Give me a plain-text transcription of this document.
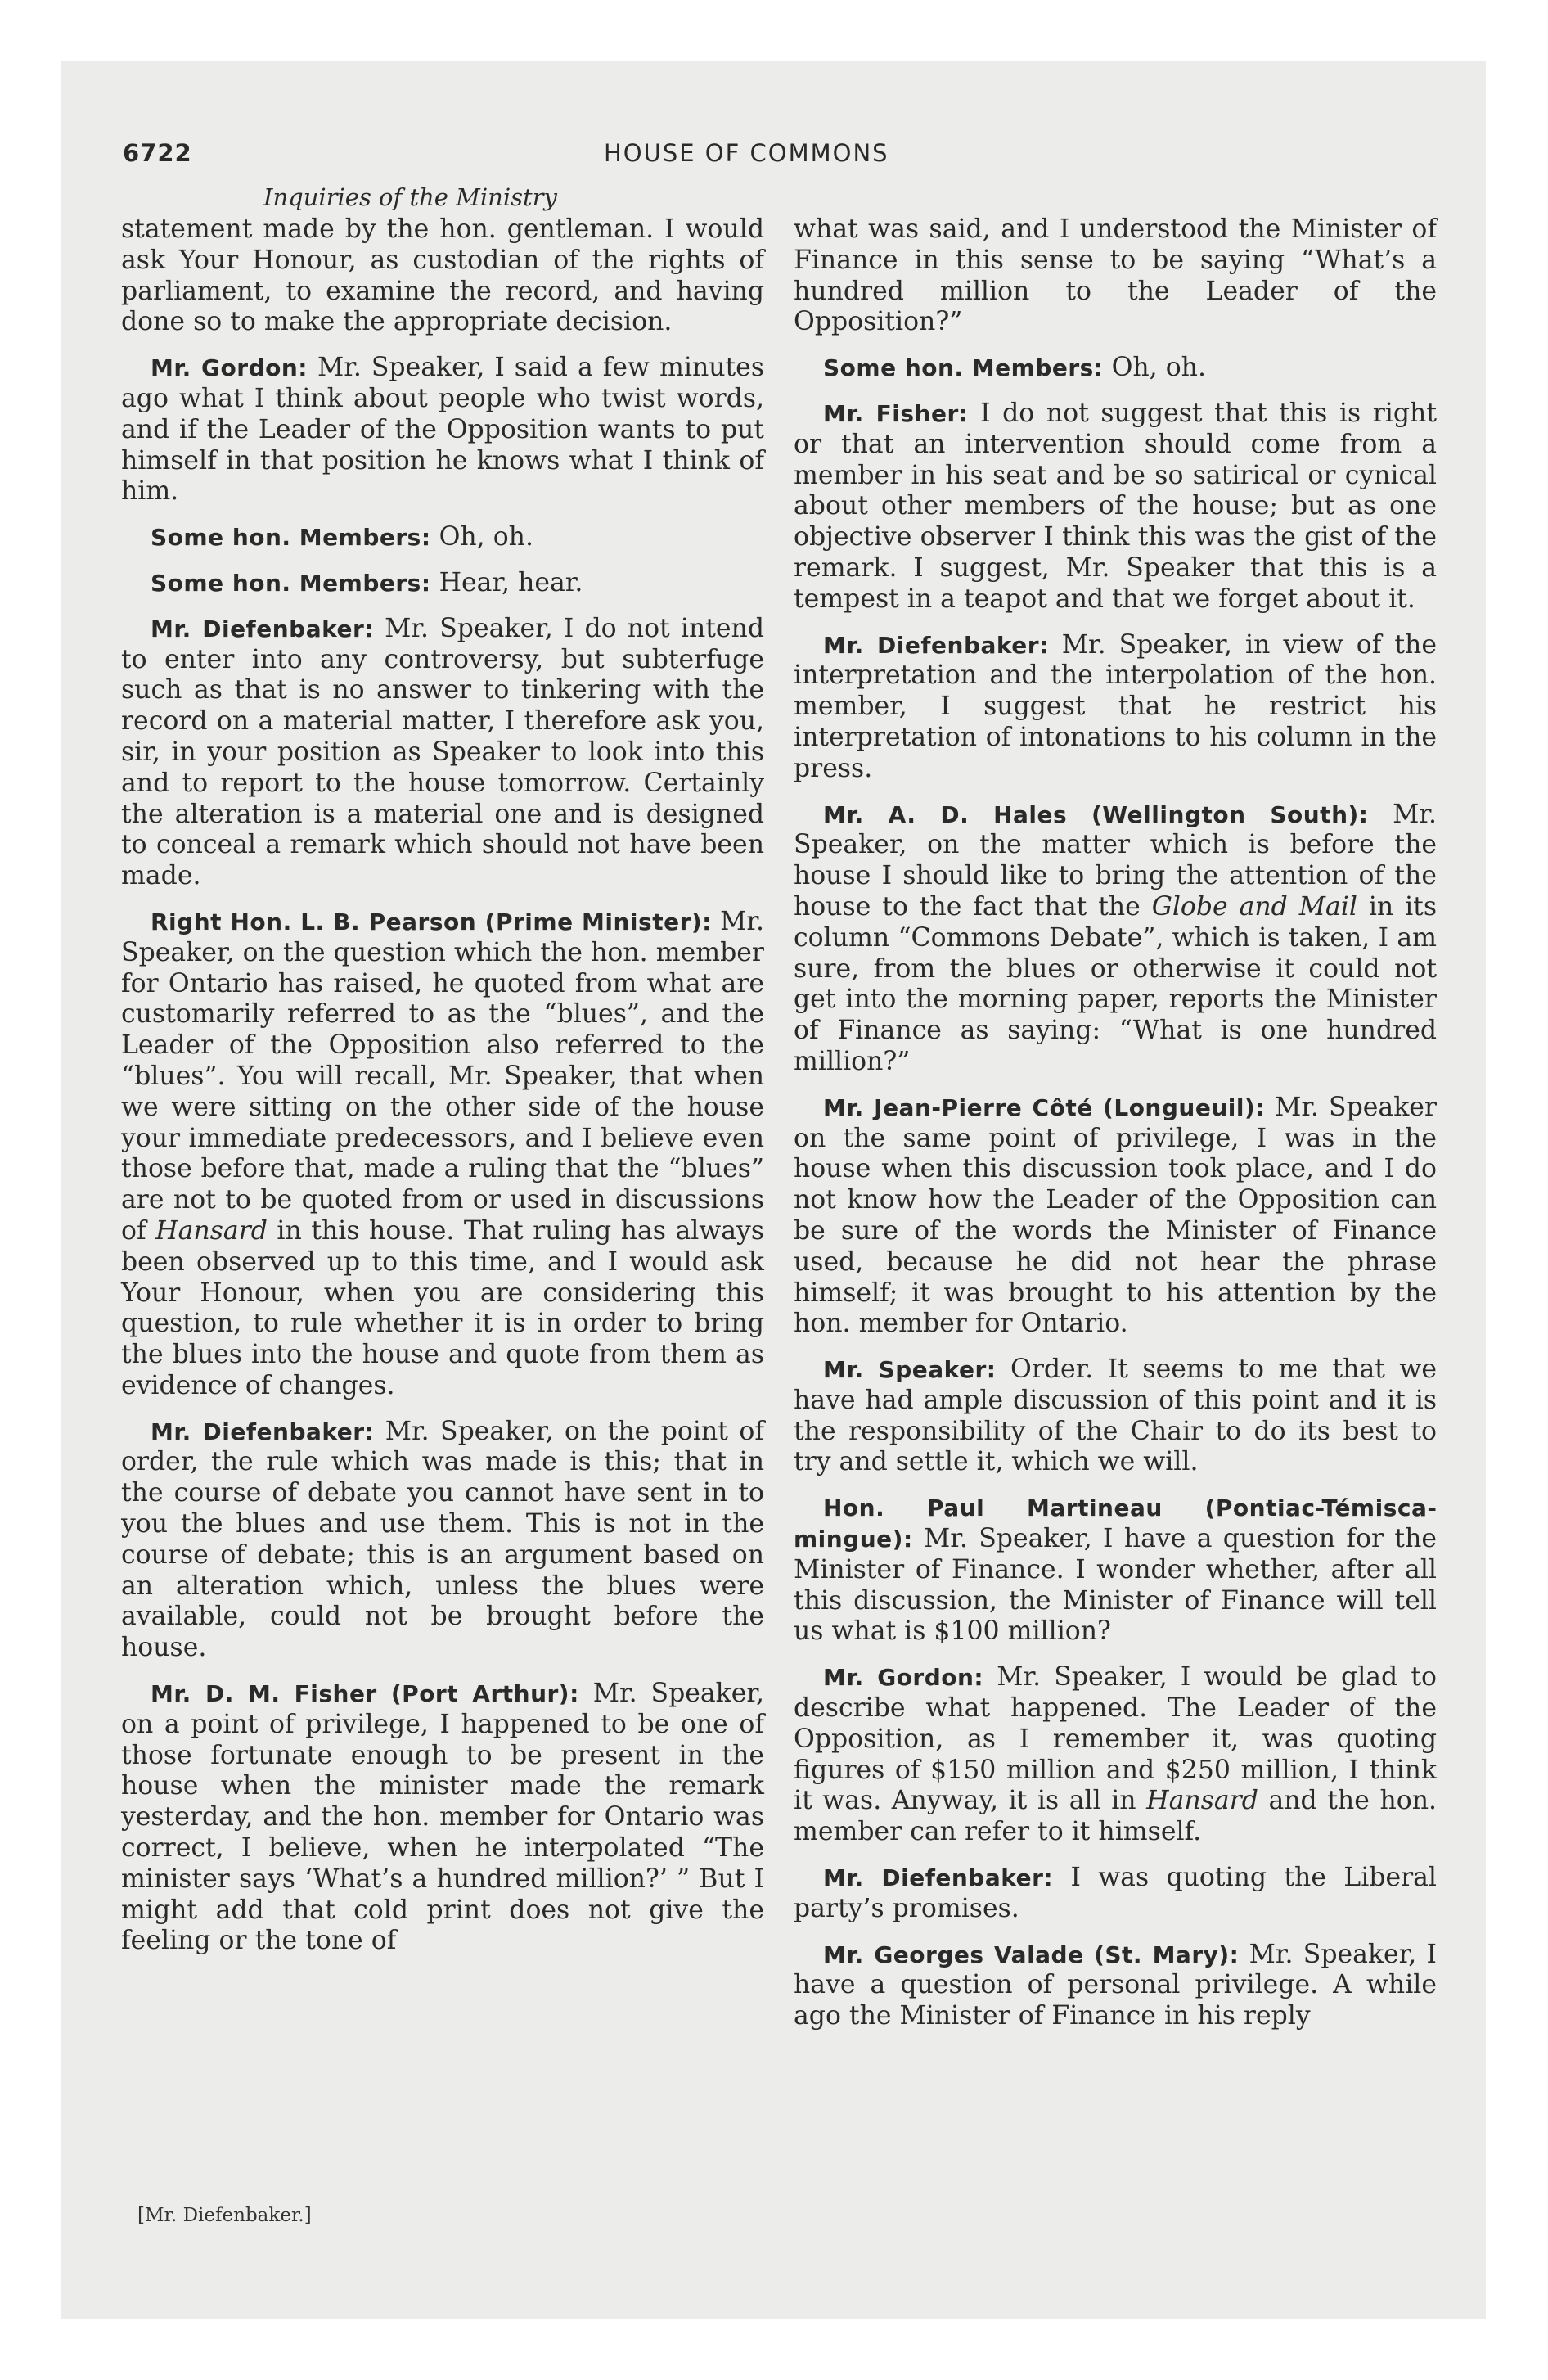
6722	HOUSE OF COMMONS
Inquiries of the Ministry

statement made by the hon. gentleman. I would ask Your Honour, as custodian of the rights of parliament, to examine the record, and having done so to make the appropriate decision.

Mr. Gordon: Mr. Speaker, I said a few minutes ago what I think about people who twist words, and if the Leader of the Opposition wants to put himself in that position he knows what I think of him.

Some hon. Members: Oh, oh.

Some hon. Members: Hear, hear.

Mr. Diefenbaker: Mr. Speaker, I do not intend to enter into any controversy, but subterfuge such as that is no answer to tinkering with the record on a material matter, I therefore ask you, sir, in your position as Speaker to look into this and to report to the house tomorrow. Certainly the alteration is a material one and is designed to conceal a remark which should not have been made.

Right Hon. L. B. Pearson (Prime Minister): Mr. Speaker, on the question which the hon. member for Ontario has raised, he quoted from what are customarily referred to as the “blues”, and the Leader of the Opposition also referred to the “blues”. You will recall, Mr. Speaker, that when we were sitting on the other side of the house your immediate predecessors, and I believe even those before that, made a ruling that the “blues” are not to be quoted from or used in discussions of Hansard in this house. That ruling has always been observed up to this time, and I would ask Your Honour, when you are considering this question, to rule whether it is in order to bring the blues into the house and quote from them as evidence of changes.

Mr. Diefenbaker: Mr. Speaker, on the point of order, the rule which was made is this; that in the course of debate you cannot have sent in to you the blues and use them. This is not in the course of debate; this is an argument based on an alteration which, unless the blues were available, could not be brought before the house.

Mr. D. M. Fisher (Port Arthur): Mr. Speaker, on a point of privilege, I happened to be one of those fortunate enough to be present in the house when the minister made the remark yesterday, and the hon. member for Ontario was correct, I believe, when he interpolated “The minister says ‘What’s a hundred million?’ ” But I might add that cold print does not give the feeling or the tone of

what was said, and I understood the Minister of Finance in this sense to be saying “What’s a hundred million to the Leader of the Opposition?”

Some hon. Members: Oh, oh.

Mr. Fisher: I do not suggest that this is right or that an intervention should come from a member in his seat and be so satirical or cynical about other members of the house; but as one objective observer I think this was the gist of the remark. I suggest, Mr. Speaker that this is a tempest in a teapot and that we forget about it.

Mr. Diefenbaker: Mr. Speaker, in view of the interpretation and the interpolation of the hon. member, I suggest that he restrict his interpretation of intonations to his column in the press.

Mr. A. D. Hales (Wellington South): Mr. Speaker, on the matter which is before the house I should like to bring the attention of the house to the fact that the Globe and Mail in its column “Commons Debate”, which is taken, I am sure, from the blues or otherwise it could not get into the morning paper, reports the Minister of Finance as saying: “What is one hundred million?”

Mr. Jean-Pierre Côté (Longueuil): Mr. Speaker on the same point of privilege, I was in the house when this discussion took place, and I do not know how the Leader of the Opposition can be sure of the words the Minister of Finance used, because he did not hear the phrase himself; it was brought to his attention by the hon. member for Ontario.

Mr. Speaker: Order. It seems to me that we have had ample discussion of this point and it is the responsibility of the Chair to do its best to try and settle it, which we will.

Hon. Paul Martineau (Pontiac-Témiscamingue): Mr. Speaker, I have a question for the Minister of Finance. I wonder whether, after all this discussion, the Minister of Finance will tell us what is $100 million?

Mr. Gordon: Mr. Speaker, I would be glad to describe what happened. The Leader of the Opposition, as I remember it, was quoting figures of $150 million and $250 million, I think it was. Anyway, it is all in Hansard and the hon. member can refer to it himself.

Mr. Diefenbaker: I was quoting the Liberal party’s promises.

Mr. Georges Valade (St. Mary): Mr. Speaker, I have a question of personal privilege. A while ago the Minister of Finance in his reply

[Mr. Diefenbaker.]
